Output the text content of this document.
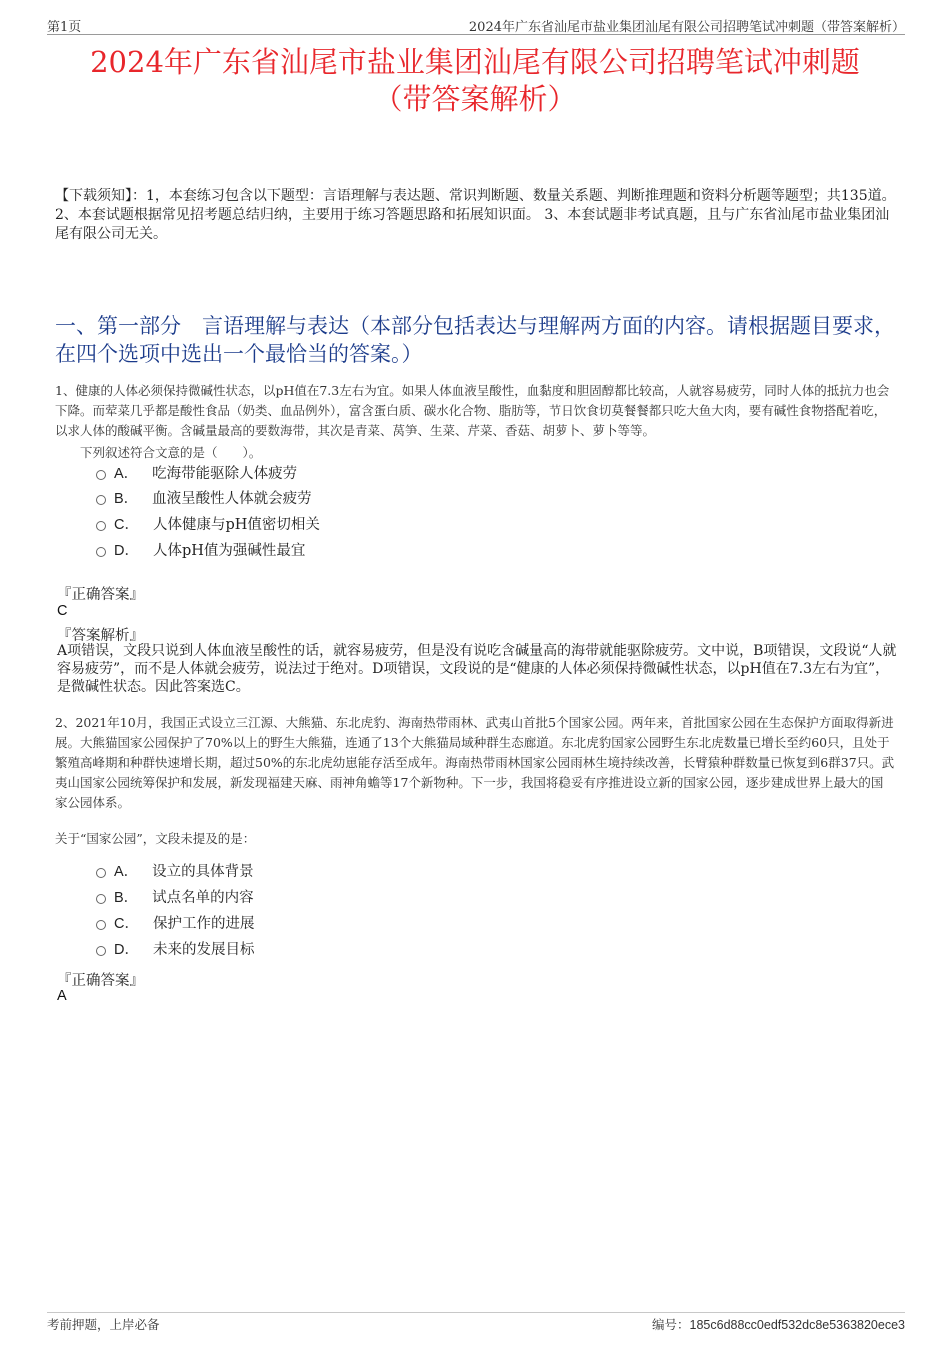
第1页	2024年广东省汕尾市盐业集团汕尾有限公司招聘笔试冲刺题（带答案解析）
2024年广东省汕尾市盐业集团汕尾有限公司招聘笔试冲刺题
（带答案解析）
【下载须知】：1，本套练习包含以下题型：言语理解与表达题、常识判断题、数量关系题、判断推理题和资料分析题等题型；共135道。 2、本套试题根据常见招考题总结归纳，主要用于练习答题思路和拓展知识面。 3、本套试题非考试真题，且与广东省汕尾市盐业集团汕尾有限公司无关。
一、第一部分　言语理解与表达（本部分包括表达与理解两方面的内容。请根据题目要求，在四个选项中选出一个最恰当的答案。）
1、健康的人体必须保持微碱性状态，以pH值在7.3左右为宜。如果人体血液呈酸性，血黏度和胆固醇都比较高，人就容易疲劳，同时人体的抵抗力也会下降。而荤菜几乎都是酸性食品（奶类、血品例外），富含蛋白质、碳水化合物、脂肪等，节日饮食切莫餐餐都只吃大鱼大肉，要有碱性食物搭配着吃，以求人体的酸碱平衡。含碱量最高的要数海带，其次是青菜、莴笋、生菜、芹菜、香菇、胡萝卜、萝卜等等。
下列叙述符合文意的是（　　）。
A． 吃海带能驱除人体疲劳
B． 血液呈酸性人体就会疲劳
C． 人体健康与pH值密切相关
D． 人体pH值为强碱性最宜
『正确答案』
C
『答案解析』
A项错误，文段只说到人体血液呈酸性的话，就容易疲劳，但是没有说吃含碱量高的海带就能驱除疲劳。文中说，B项错误，文段说“人就容易疲劳”，而不是人体就会疲劳，说法过于绝对。D项错误，文段说的是“健康的人体必须保持微碱性状态，以pH值在7.3左右为宜”，是微碱性状态。因此答案选C。
2、2021年10月，我国正式设立三江源、大熊猫、东北虎豹、海南热带雨林、武夷山首批5个国家公园。两年来，首批国家公园在生态保护方面取得新进展。大熊猫国家公园保护了70%以上的野生大熊猫，连通了13个大熊猫局域种群生态廊道。东北虎豹国家公园野生东北虎数量已增长至约60只，且处于繁殖高峰期和种群快速增长期，超过50%的东北虎幼崽能存活至成年。海南热带雨林国家公园雨林生境持续改善，长臂猿种群数量已恢复到6群37只。武夷山国家公园统筹保护和发展，新发现福建天麻、雨神角蟾等17个新物种。下一步，我国将稳妥有序推进设立新的国家公园，逐步建成世界上最大的国家公园体系。
关于“国家公园”，文段未提及的是：
A． 设立的具体背景
B． 试点名单的内容
C． 保护工作的进展
D． 未来的发展目标
『正确答案』
A
考前押题，上岸必备	编号：185c6d88cc0edf532dc8e5363820ece3
